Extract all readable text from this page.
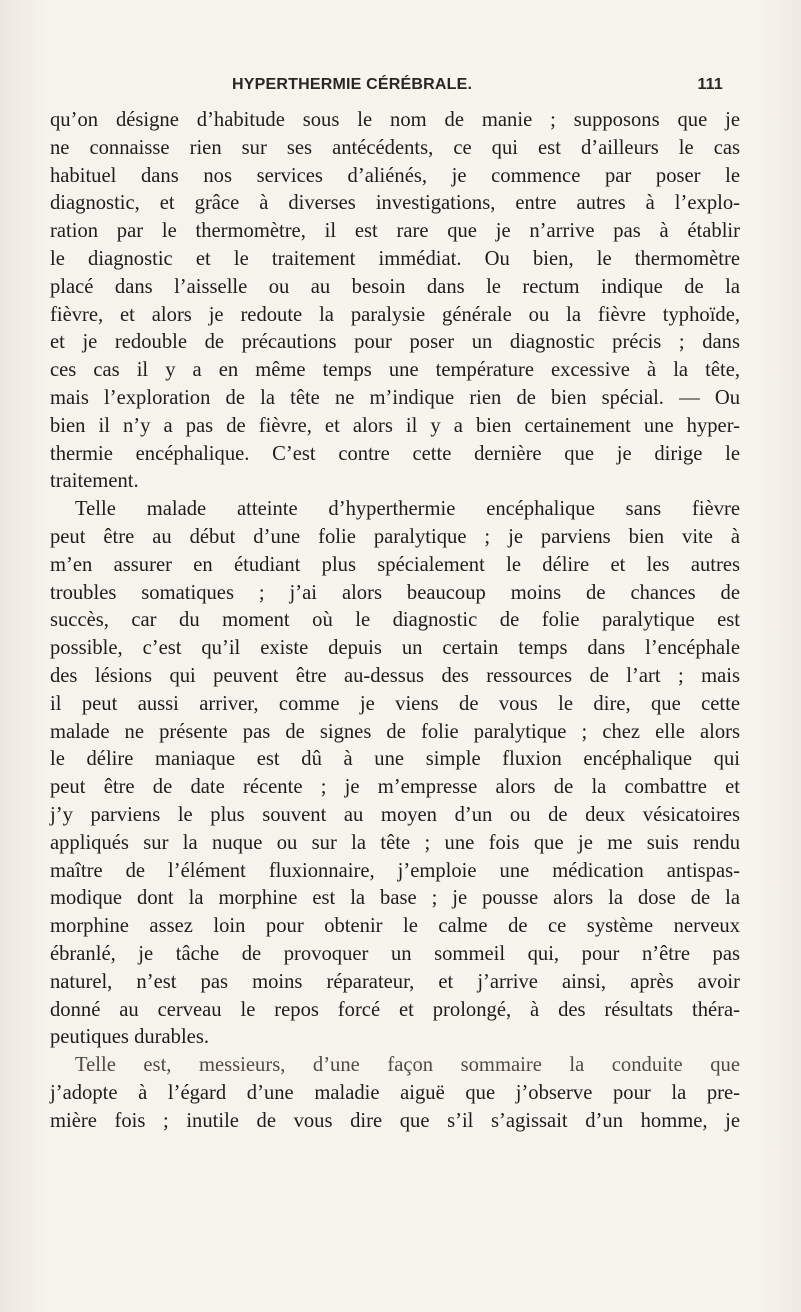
HYPERTHERMIE CÉRÉBRALE.	111
qu’on désigne d’habitude sous le nom de manie ; supposons que je
ne connaisse rien sur ses antécédents, ce qui est d’ailleurs le cas
habituel dans nos services d’aliénés, je commence par poser le
diagnostic, et grâce à diverses investigations, entre autres à l’explo-
ration par le thermomètre, il est rare que je n’arrive pas à établir
le diagnostic et le traitement immédiat. Ou bien, le thermomètre
placé dans l’aisselle ou au besoin dans le rectum indique de la
fièvre, et alors je redoute la paralysie générale ou la fièvre typhoïde,
et je redouble de précautions pour poser un diagnostic précis ; dans
ces cas il y a en même temps une température excessive à la tête,
mais l’exploration de la tête ne m’indique rien de bien spécial. — Ou
bien il n’y a pas de fièvre, et alors il y a bien certainement une hyper-
thermie encéphalique. C’est contre cette dernière que je dirige le
traitement.
Telle malade atteinte d’hyperthermie encéphalique sans fièvre
peut être au début d’une folie paralytique ; je parviens bien vite à
m’en assurer en étudiant plus spécialement le délire et les autres
troubles somatiques ; j’ai alors beaucoup moins de chances de
succès, car du moment où le diagnostic de folie paralytique est
possible, c’est qu’il existe depuis un certain temps dans l’encéphale
des lésions qui peuvent être au-dessus des ressources de l’art ; mais
il peut aussi arriver, comme je viens de vous le dire, que cette
malade ne présente pas de signes de folie paralytique ; chez elle alors
le délire maniaque est dû à une simple fluxion encéphalique qui
peut être de date récente ; je m’empresse alors de la combattre et
j’y parviens le plus souvent au moyen d’un ou de deux vésicatoires
appliqués sur la nuque ou sur la tête ; une fois que je me suis rendu
maître de l’élément fluxionnaire, j’emploie une médication antispas-
modique dont la morphine est la base ; je pousse alors la dose de la
morphine assez loin pour obtenir le calme de ce système nerveux
ébranlé, je tâche de provoquer un sommeil qui, pour n’être pas
naturel, n’est pas moins réparateur, et j’arrive ainsi, après avoir
donné au cerveau le repos forcé et prolongé, à des résultats théra-
peutiques durables.
Telle est, messieurs, d’une façon sommaire la conduite que
j’adopte à l’égard d’une maladie aiguë que j’observe pour la pre-
mière fois ; inutile de vous dire que s’il s’agissait d’un homme, je
